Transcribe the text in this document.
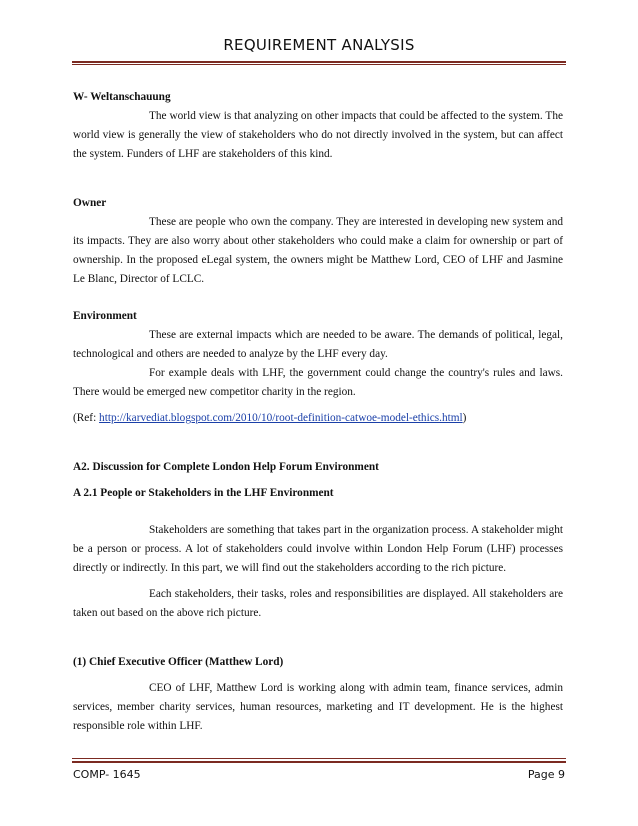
REQUIREMENT ANALYSIS

W- Weltanschauung

The world view is that analyzing on other impacts that could be affected to the system. The world view is generally the view of stakeholders who do not directly involved in the system, but can affect the system. Funders of LHF are stakeholders of this kind.

Owner

These are people who own the company. They are interested in developing new system and its impacts. They are also worry about other stakeholders who could make a claim for ownership or part of ownership. In the proposed eLegal system, the owners might be Matthew Lord, CEO of LHF and Jasmine Le Blanc, Director of LCLC.

Environment

These are external impacts which are needed to be aware. The demands of political, legal, technological and others are needed to analyze by the LHF every day.

For example deals with LHF, the government could change the country's rules and laws. There would be emerged new competitor charity in the region.

(Ref: http://karvediat.blogspot.com/2010/10/root-definition-catwoe-model-ethics.html)

A2. Discussion for Complete London Help Forum Environment

A 2.1 People or Stakeholders in the LHF Environment

Stakeholders are something that takes part in the organization process. A stakeholder might be a person or process. A lot of stakeholders could involve within London Help Forum (LHF) processes directly or indirectly. In this part, we will find out the stakeholders according to the rich picture.

Each stakeholders, their tasks, roles and responsibilities are displayed. All stakeholders are taken out based on the above rich picture.

(1) Chief Executive Officer (Matthew Lord)

CEO of LHF, Matthew Lord is working along with admin team, finance services, admin services, member charity services, human resources, marketing and IT development. He is the highest responsible role within LHF.

COMP- 1645	Page 9
